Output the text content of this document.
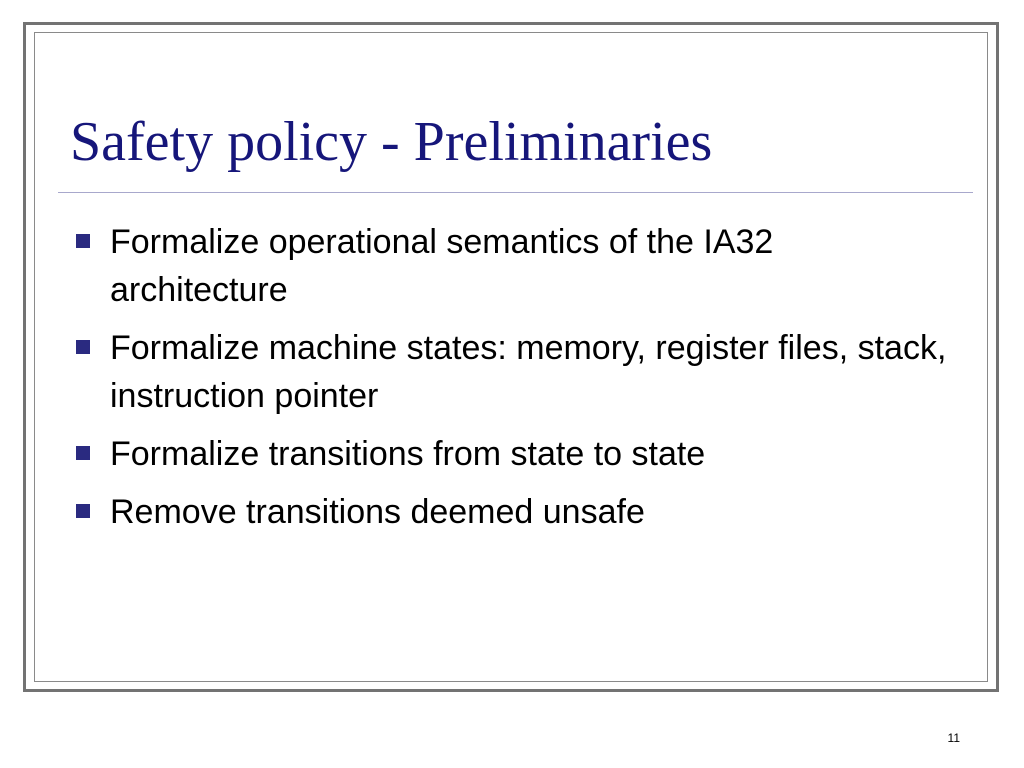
Safety policy - Preliminaries
Formalize operational semantics of the IA32 architecture
Formalize machine states: memory, register files, stack, instruction pointer
Formalize transitions from state to state
Remove transitions deemed unsafe
11
